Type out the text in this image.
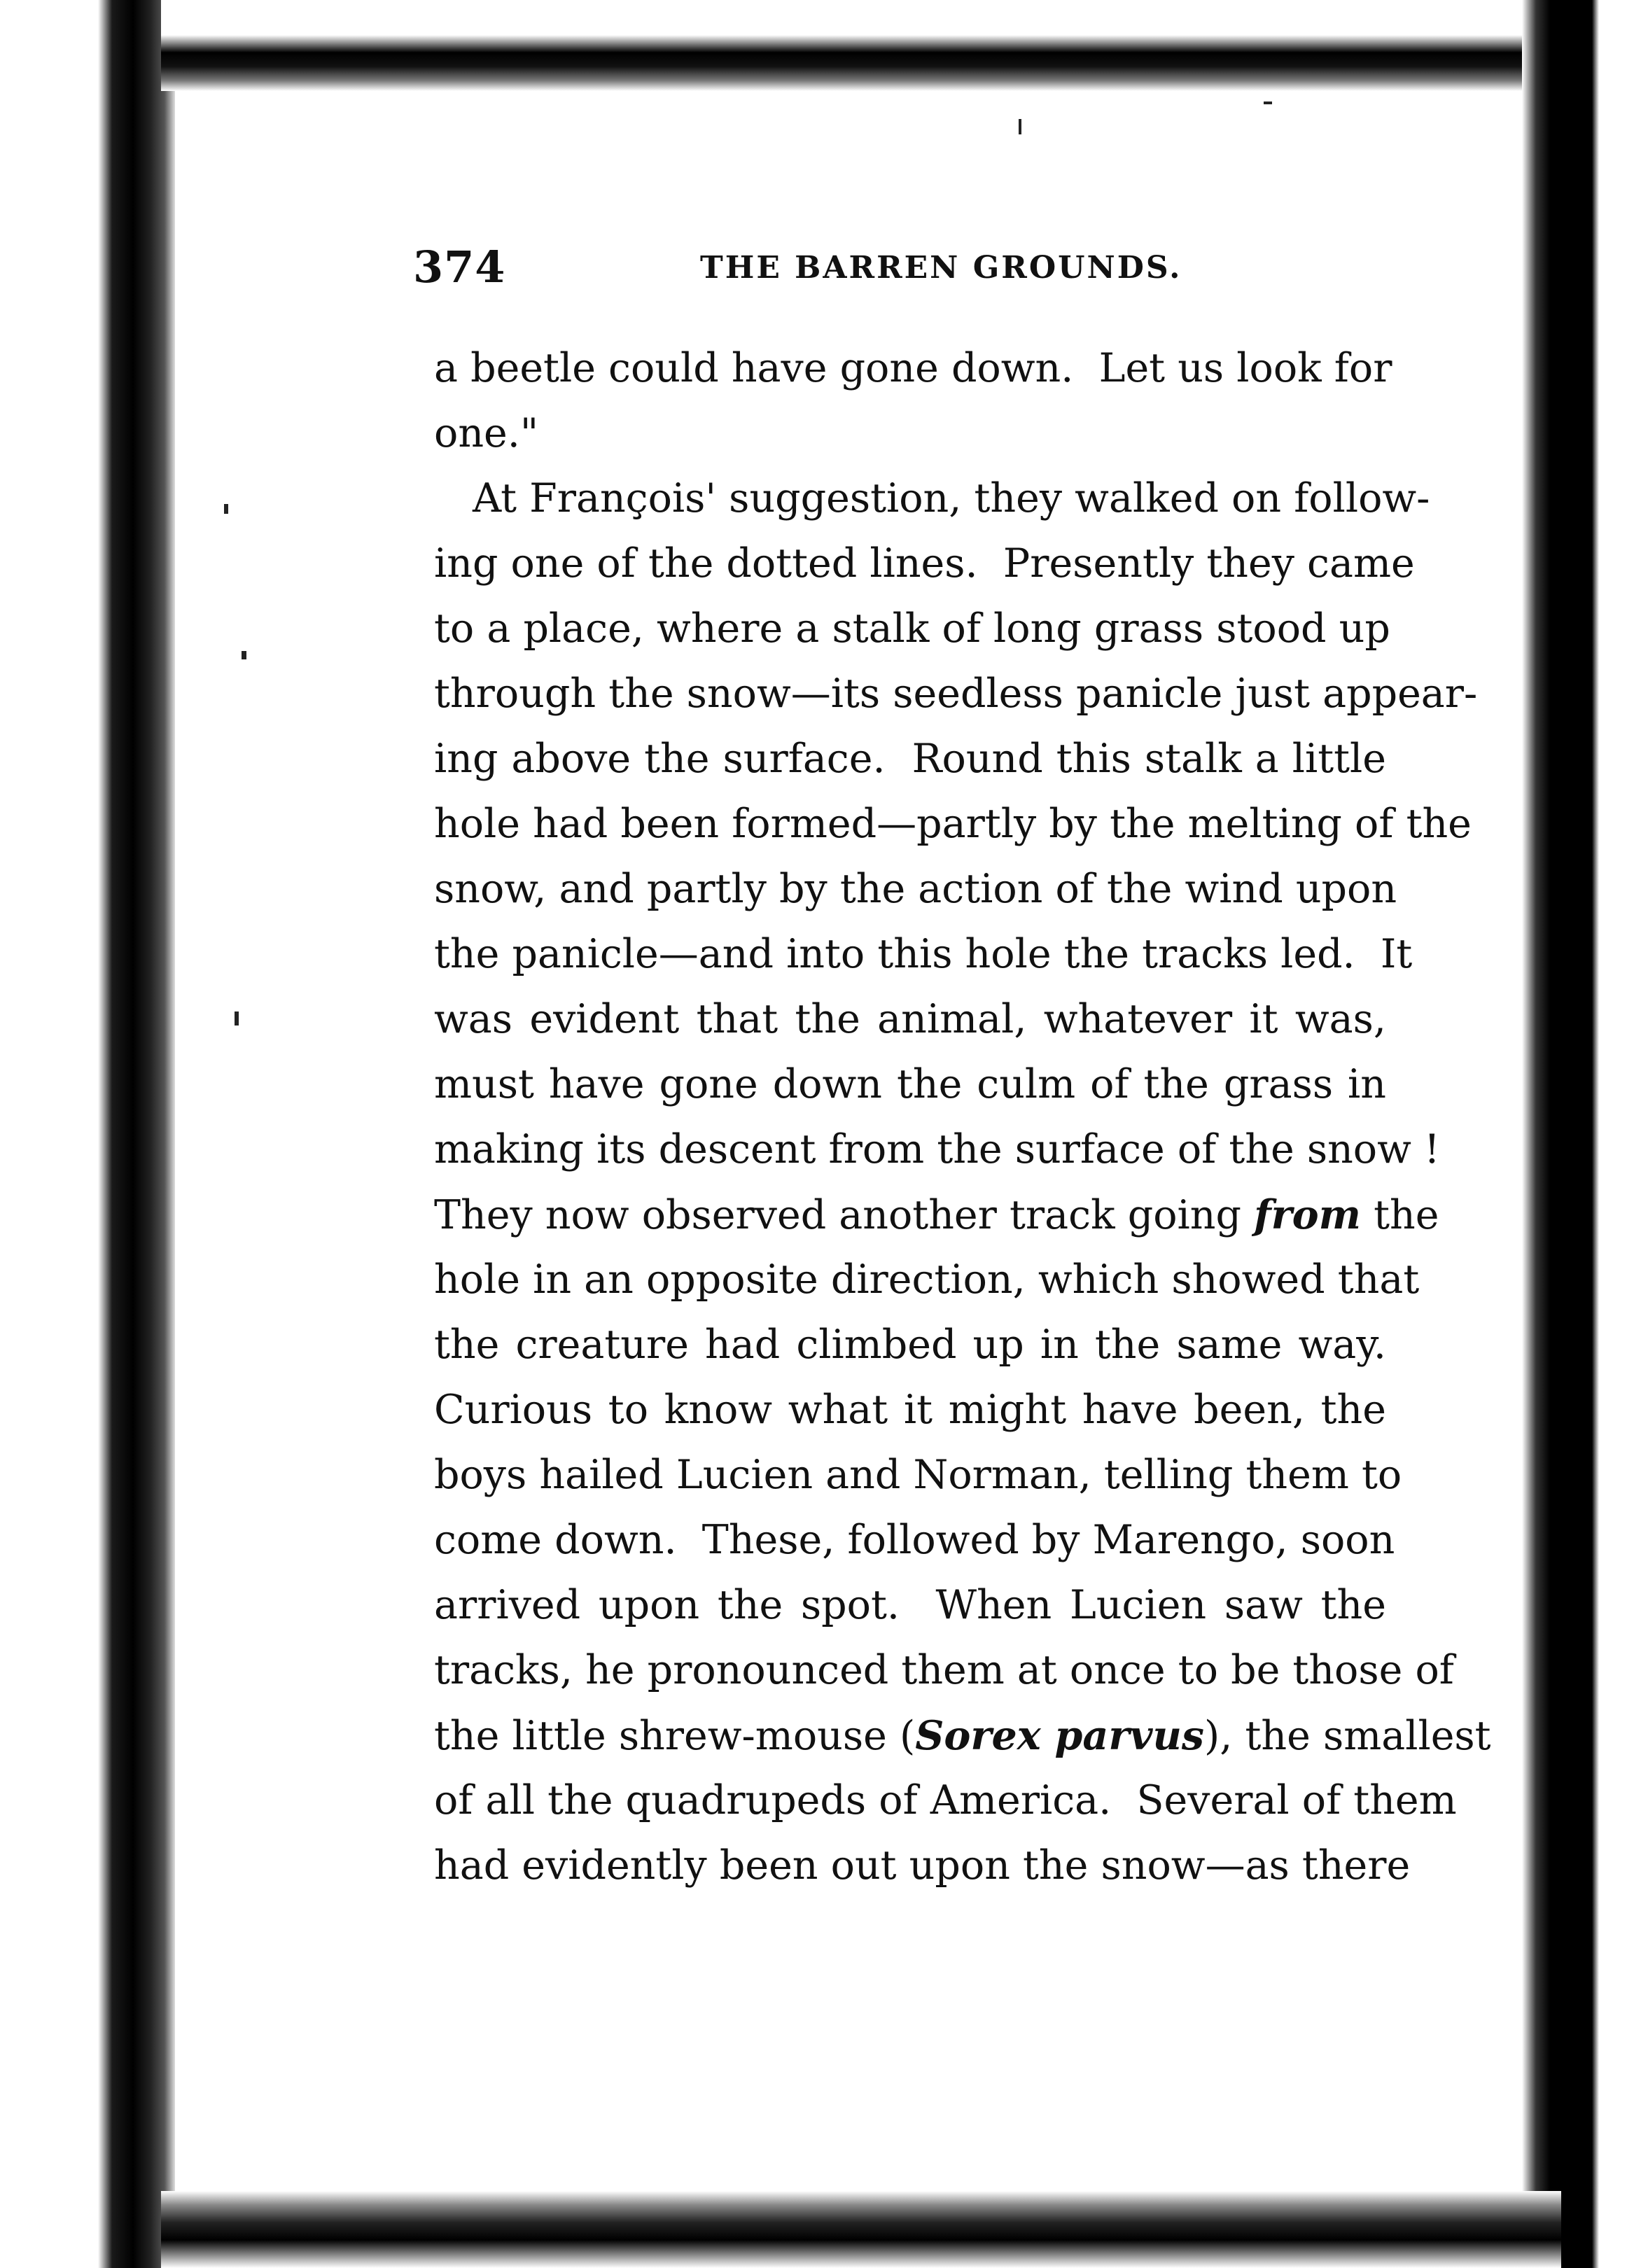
374	THE BARREN GROUNDS.
a beetle could have gone down.  Let us look for
one."
At François' suggestion, they walked on follow-
ing one of the dotted lines.  Presently they came
to a place, where a stalk of long grass stood up
through the snow—its seedless panicle just appear-
ing above the surface.  Round this stalk a little
hole had been formed—partly by the melting of the
snow, and partly by the action of the wind upon
the panicle—and into this hole the tracks led.  It
was evident that the animal, whatever it was,
must have gone down the culm of the grass in
making its descent from the surface of the snow !
They now observed another track going from the
hole in an opposite direction, which showed that
the creature had climbed up in the same way.
Curious to know what it might have been, the
boys hailed Lucien and Norman, telling them to
come down.  These, followed by Marengo, soon
arrived upon the spot.  When Lucien saw the
tracks, he pronounced them at once to be those of
the little shrew-mouse (Sorex parvus), the smallest
of all the quadrupeds of America.  Several of them
had evidently been out upon the snow—as there
